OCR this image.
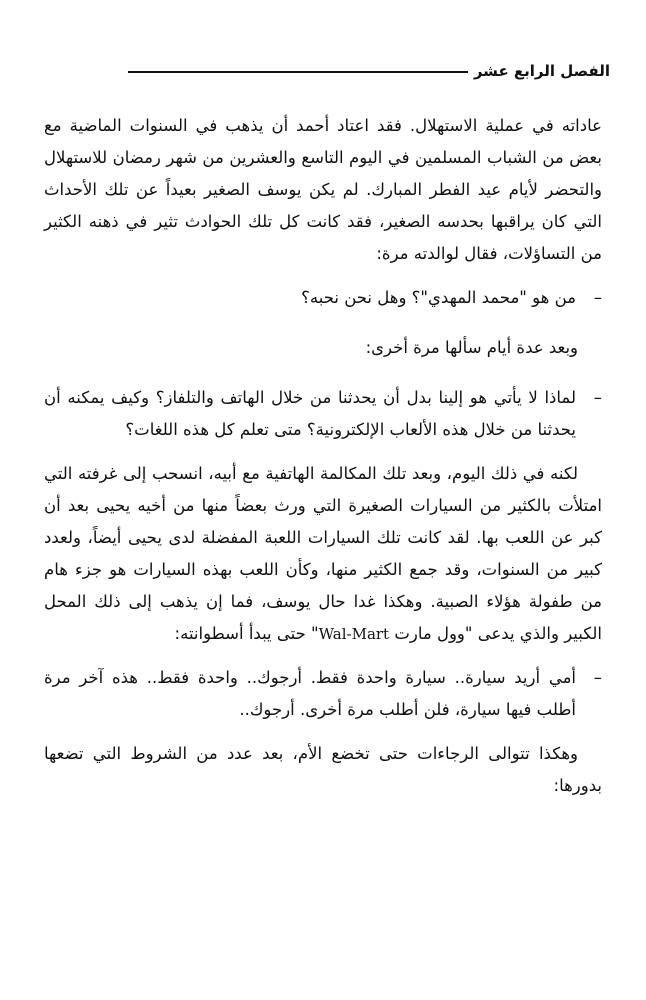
الفصل الرابع عشر

عاداته في عملية الاستهلال. فقد اعتاد أحمد أن يذهب في السنوات الماضية مع بعض من الشباب المسلمين في اليوم التاسع والعشرين من شهر رمضان للاستهلال والتحضر لأيام عيد الفطر المبارك. لم يكن يوسف الصغير بعيداً عن تلك الأحداث التي كان يراقبها بحدسه الصغير، فقد كانت كل تلك الحوادث تثير في ذهنه الكثير من التساؤلات، فقال لوالدته مرة:

–
من هو "محمد المهدي"؟ وهل نحن نحبه؟

وبعد عدة أيام سألها مرة أخرى:

–
لماذا لا يأتي هو إلينا بدل أن يحدثنا من خلال الهاتف والتلفاز؟ وكيف يمكنه أن يحدثنا من خلال هذه الألعاب الإلكترونية؟ متى تعلم كل هذه اللغات؟

لكنه في ذلك اليوم، وبعد تلك المكالمة الهاتفية مع أبيه، انسحب إلى غرفته التي امتلأت بالكثير من السيارات الصغيرة التي ورث بعضاً منها من أخيه يحيى بعد أن كبر عن اللعب بها. لقد كانت تلك السيارات اللعبة المفضلة لدى يحيى أيضاً، ولعدد كبير من السنوات، وقد جمع الكثير منها، وكأن اللعب بهذه السيارات هو جزء هام من طفولة هؤلاء الصبية. وهكذا غدا حال يوسف، فما إن يذهب إلى ذلك المحل الكبير والذي يدعى "وول مارت Wal-Mart" حتى يبدأ أسطوانته:

–
أمي أريد سيارة.. سيارة واحدة فقط. أرجوك.. واحدة فقط.. هذه آخر مرة أطلب فيها سيارة، فلن أطلب مرة أخرى. أرجوك..

وهكذا تتوالى الرجاءات حتى تخضع الأم، بعد عدد من الشروط التي تضعها بدورها:
